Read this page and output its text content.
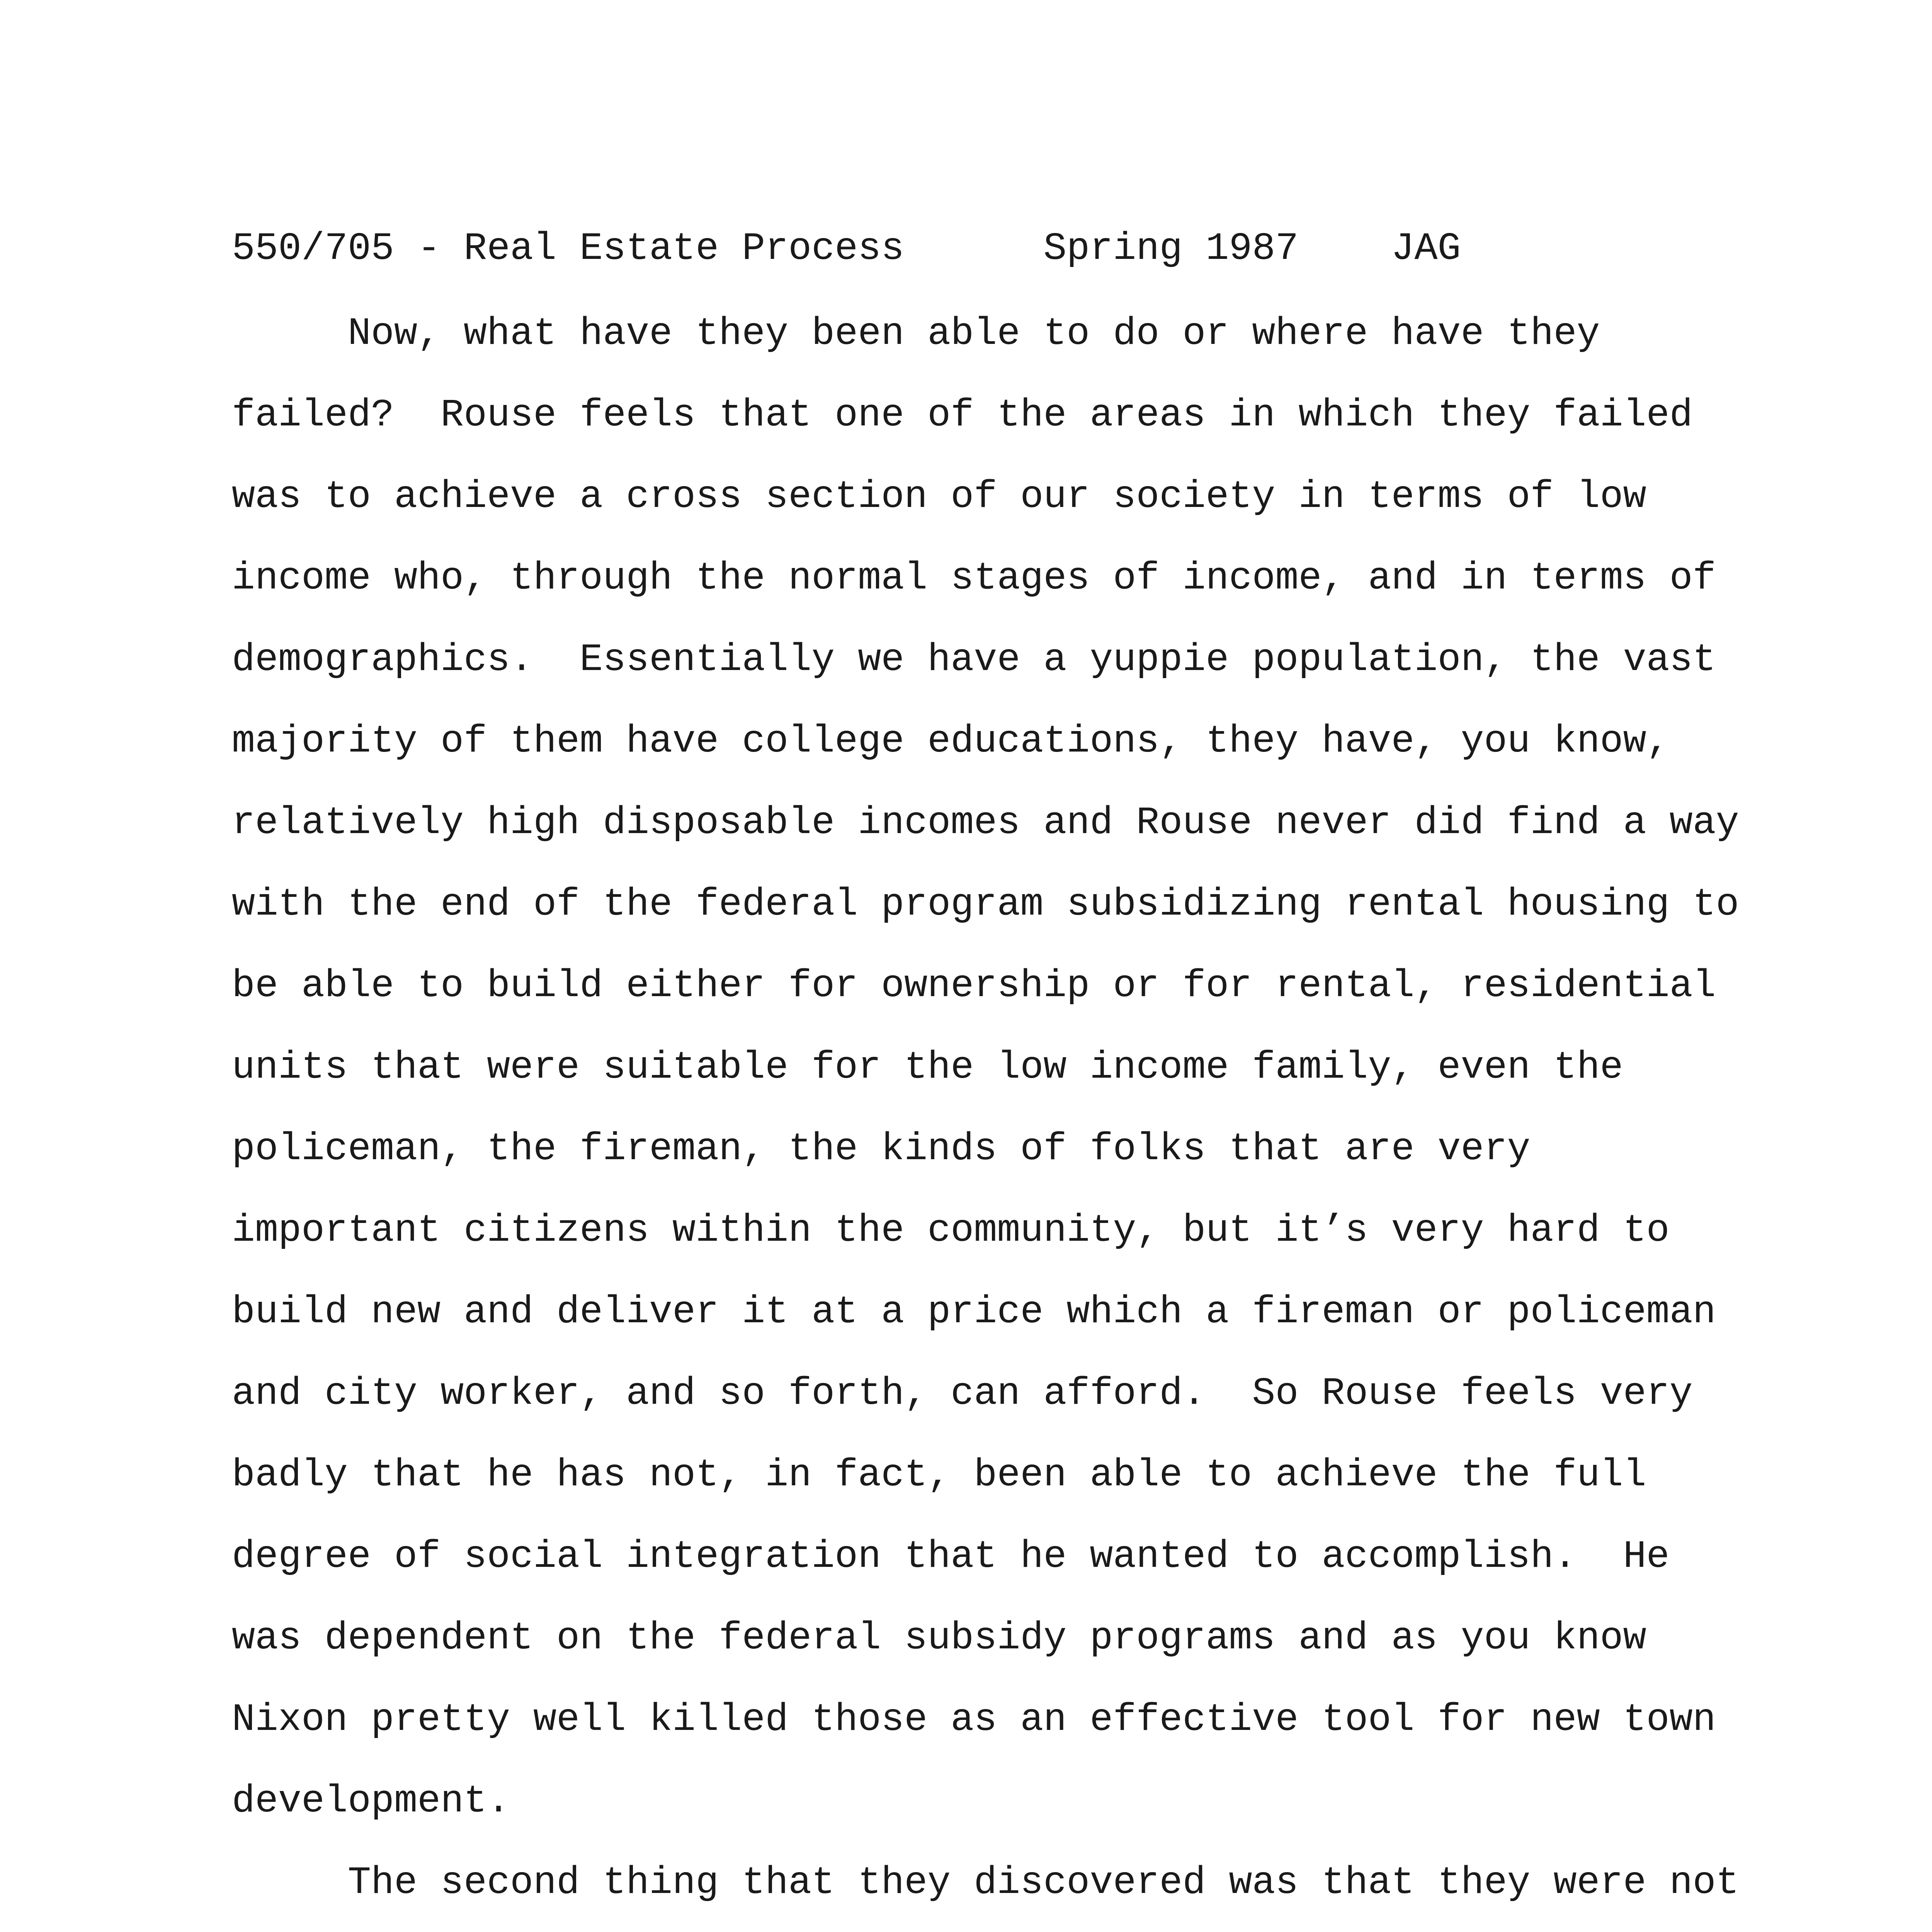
550/705 - Real Estate Process	Spring 1987 JAG
Now, what have they been able to do or where have they
failed?  Rouse feels that one of the areas in which they failed
was to achieve a cross section of our society in terms of low
income who, through the normal stages of income, and in terms of
demographics.  Essentially we have a yuppie population, the vast
majority of them have college educations, they have, you know,
relatively high disposable incomes and Rouse never did find a way
with the end of the federal program subsidizing rental housing to
be able to build either for ownership or for rental, residential
units that were suitable for the low income family, even the
policeman, the fireman, the kinds of folks that are very
important citizens within the community, but it’s very hard to
build new and deliver it at a price which a fireman or policeman
and city worker, and so forth, can afford.  So Rouse feels very
badly that he has not, in fact, been able to achieve the full
degree of social integration that he wanted to accomplish.  He
was dependent on the federal subsidy programs and as you know
Nixon pretty well killed those as an effective tool for new town
development.
The second thing that they discovered was that they were not
